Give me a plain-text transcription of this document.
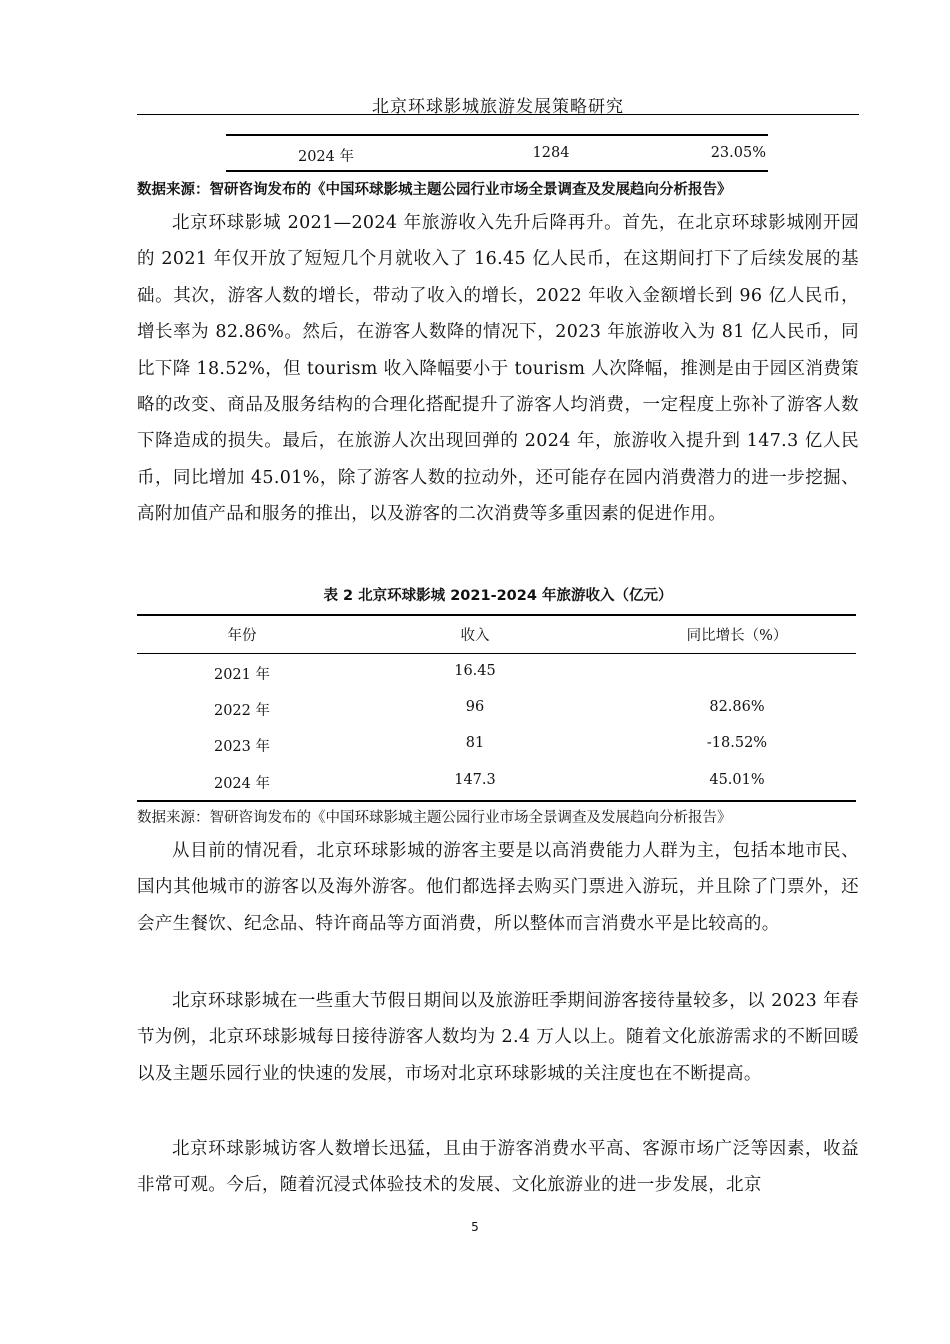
北京环球影城旅游发展策略研究
2024 年	1284	23.05%
数据来源：智研咨询发布的《中国环球影城主题公园行业市场全景调查及发展趋向分析报告》

北京环球影城 2021—2024 年旅游收入先升后降再升。首先，在北京环球影城刚开园的 2021 年仅开放了短短几个月就收入了 16.45 亿人民币，在这期间打下了后续发展的基础。其次，游客人数的增长，带动了收入的增长，2022 年收入金额增长到 96 亿人民币，增长率为 82.86%。然后，在游客人数降的情况下，2023 年旅游收入为 81 亿人民币，同比下降 18.52%，但 tourism 收入降幅要小于 tourism 人次降幅，推测是由于园区消费策略的改变、商品及服务结构的合理化搭配提升了游客人均消费，一定程度上弥补了游客人数下降造成的损失。最后，在旅游人次出现回弹的 2024 年，旅游收入提升到 147.3 亿人民币，同比增加 45.01%，除了游客人数的拉动外，还可能存在园内消费潜力的进一步挖掘、高附加值产品和服务的推出，以及游客的二次消费等多重因素的促进作用。

表 2 北京环球影城 2021-2024 年旅游收入（亿元）
年份	收入	同比增长（%）
2021 年	16.45
2022 年	96	82.86%
2023 年	81	-18.52%
2024 年	147.3	45.01%
数据来源：智研咨询发布的《中国环球影城主题公园行业市场全景调查及发展趋向分析报告》

从目前的情况看，北京环球影城的游客主要是以高消费能力人群为主，包括本地市民、国内其他城市的游客以及海外游客。他们都选择去购买门票进入游玩，并且除了门票外，还会产生餐饮、纪念品、特许商品等方面消费，所以整体而言消费水平是比较高的。

北京环球影城在一些重大节假日期间以及旅游旺季期间游客接待量较多，以 2023 年春节为例，北京环球影城每日接待游客人数均为 2.4 万人以上。随着文化旅游需求的不断回暖以及主题乐园行业的快速的发展，市场对北京环球影城的关注度也在不断提高。

北京环球影城访客人数增长迅猛，且由于游客消费水平高、客源市场广泛等因素，收益非常可观。今后，随着沉浸式体验技术的发展、文化旅游业的进一步发展，北京

5
